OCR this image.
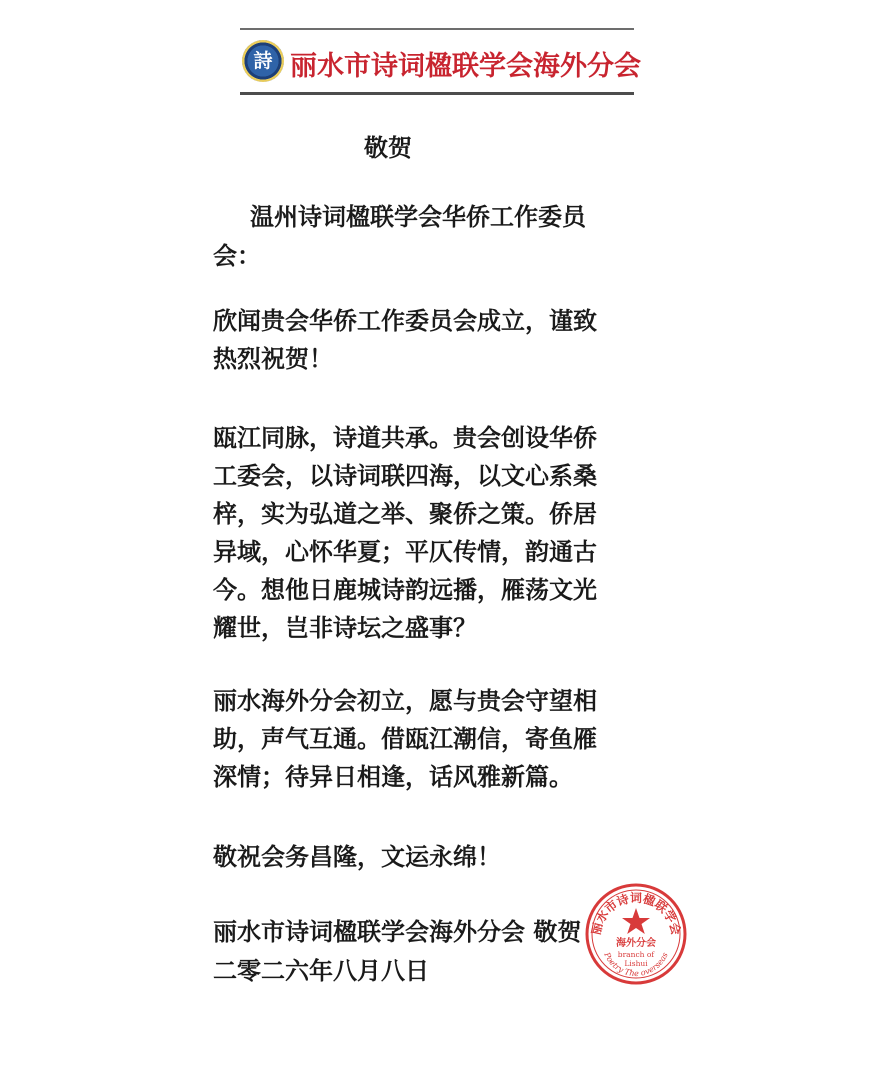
詩 丽水市诗词楹联学会海外分会
敬贺
温州诗词楹联学会华侨工作委员
会：
欣闻贵会华侨工作委员会成立，谨致
热烈祝贺！
瓯江同脉，诗道共承。贵会创设华侨
工委会，以诗词联四海，以文心系桑
梓，实为弘道之举、聚侨之策。侨居
异域，心怀华夏；平仄传情，韵通古
今。想他日鹿城诗韵远播，雁荡文光
耀世，岂非诗坛之盛事？
丽水海外分会初立，愿与贵会守望相
助，声气互通。借瓯江潮信，寄鱼雁
深情；待异日相逢，话风雅新篇。
敬祝会务昌隆，文运永绵！
丽水市诗词楹联学会海外分会 敬贺
二零二六年八月八日
丽水市诗词楹联学会
海外分会
branch of
Lishui
Poetry The overseas
